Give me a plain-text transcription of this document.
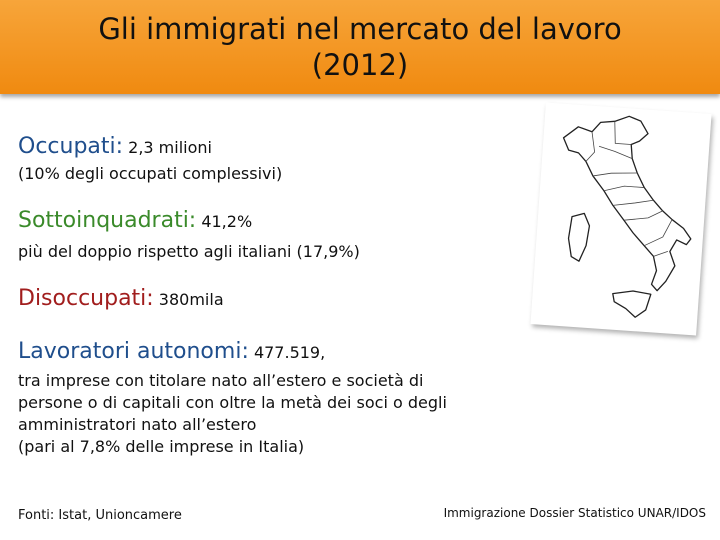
Gli immigrati nel mercato del lavoro
(2012)
Occupati: 2,3 milioni
(10% degli occupati complessivi)
Sottoinquadrati: 41,2%
più del doppio rispetto agli italiani (17,9%)
Disoccupati: 380mila
Lavoratori autonomi: 477.519,
tra imprese con titolare nato all’estero e società di
persone o di capitali con oltre la metà dei soci o degli
amministratori nato all’estero
(pari al 7,8% delle imprese in Italia)
Fonti: Istat, Unioncamere	Immigrazione Dossier Statistico UNAR/IDOS
